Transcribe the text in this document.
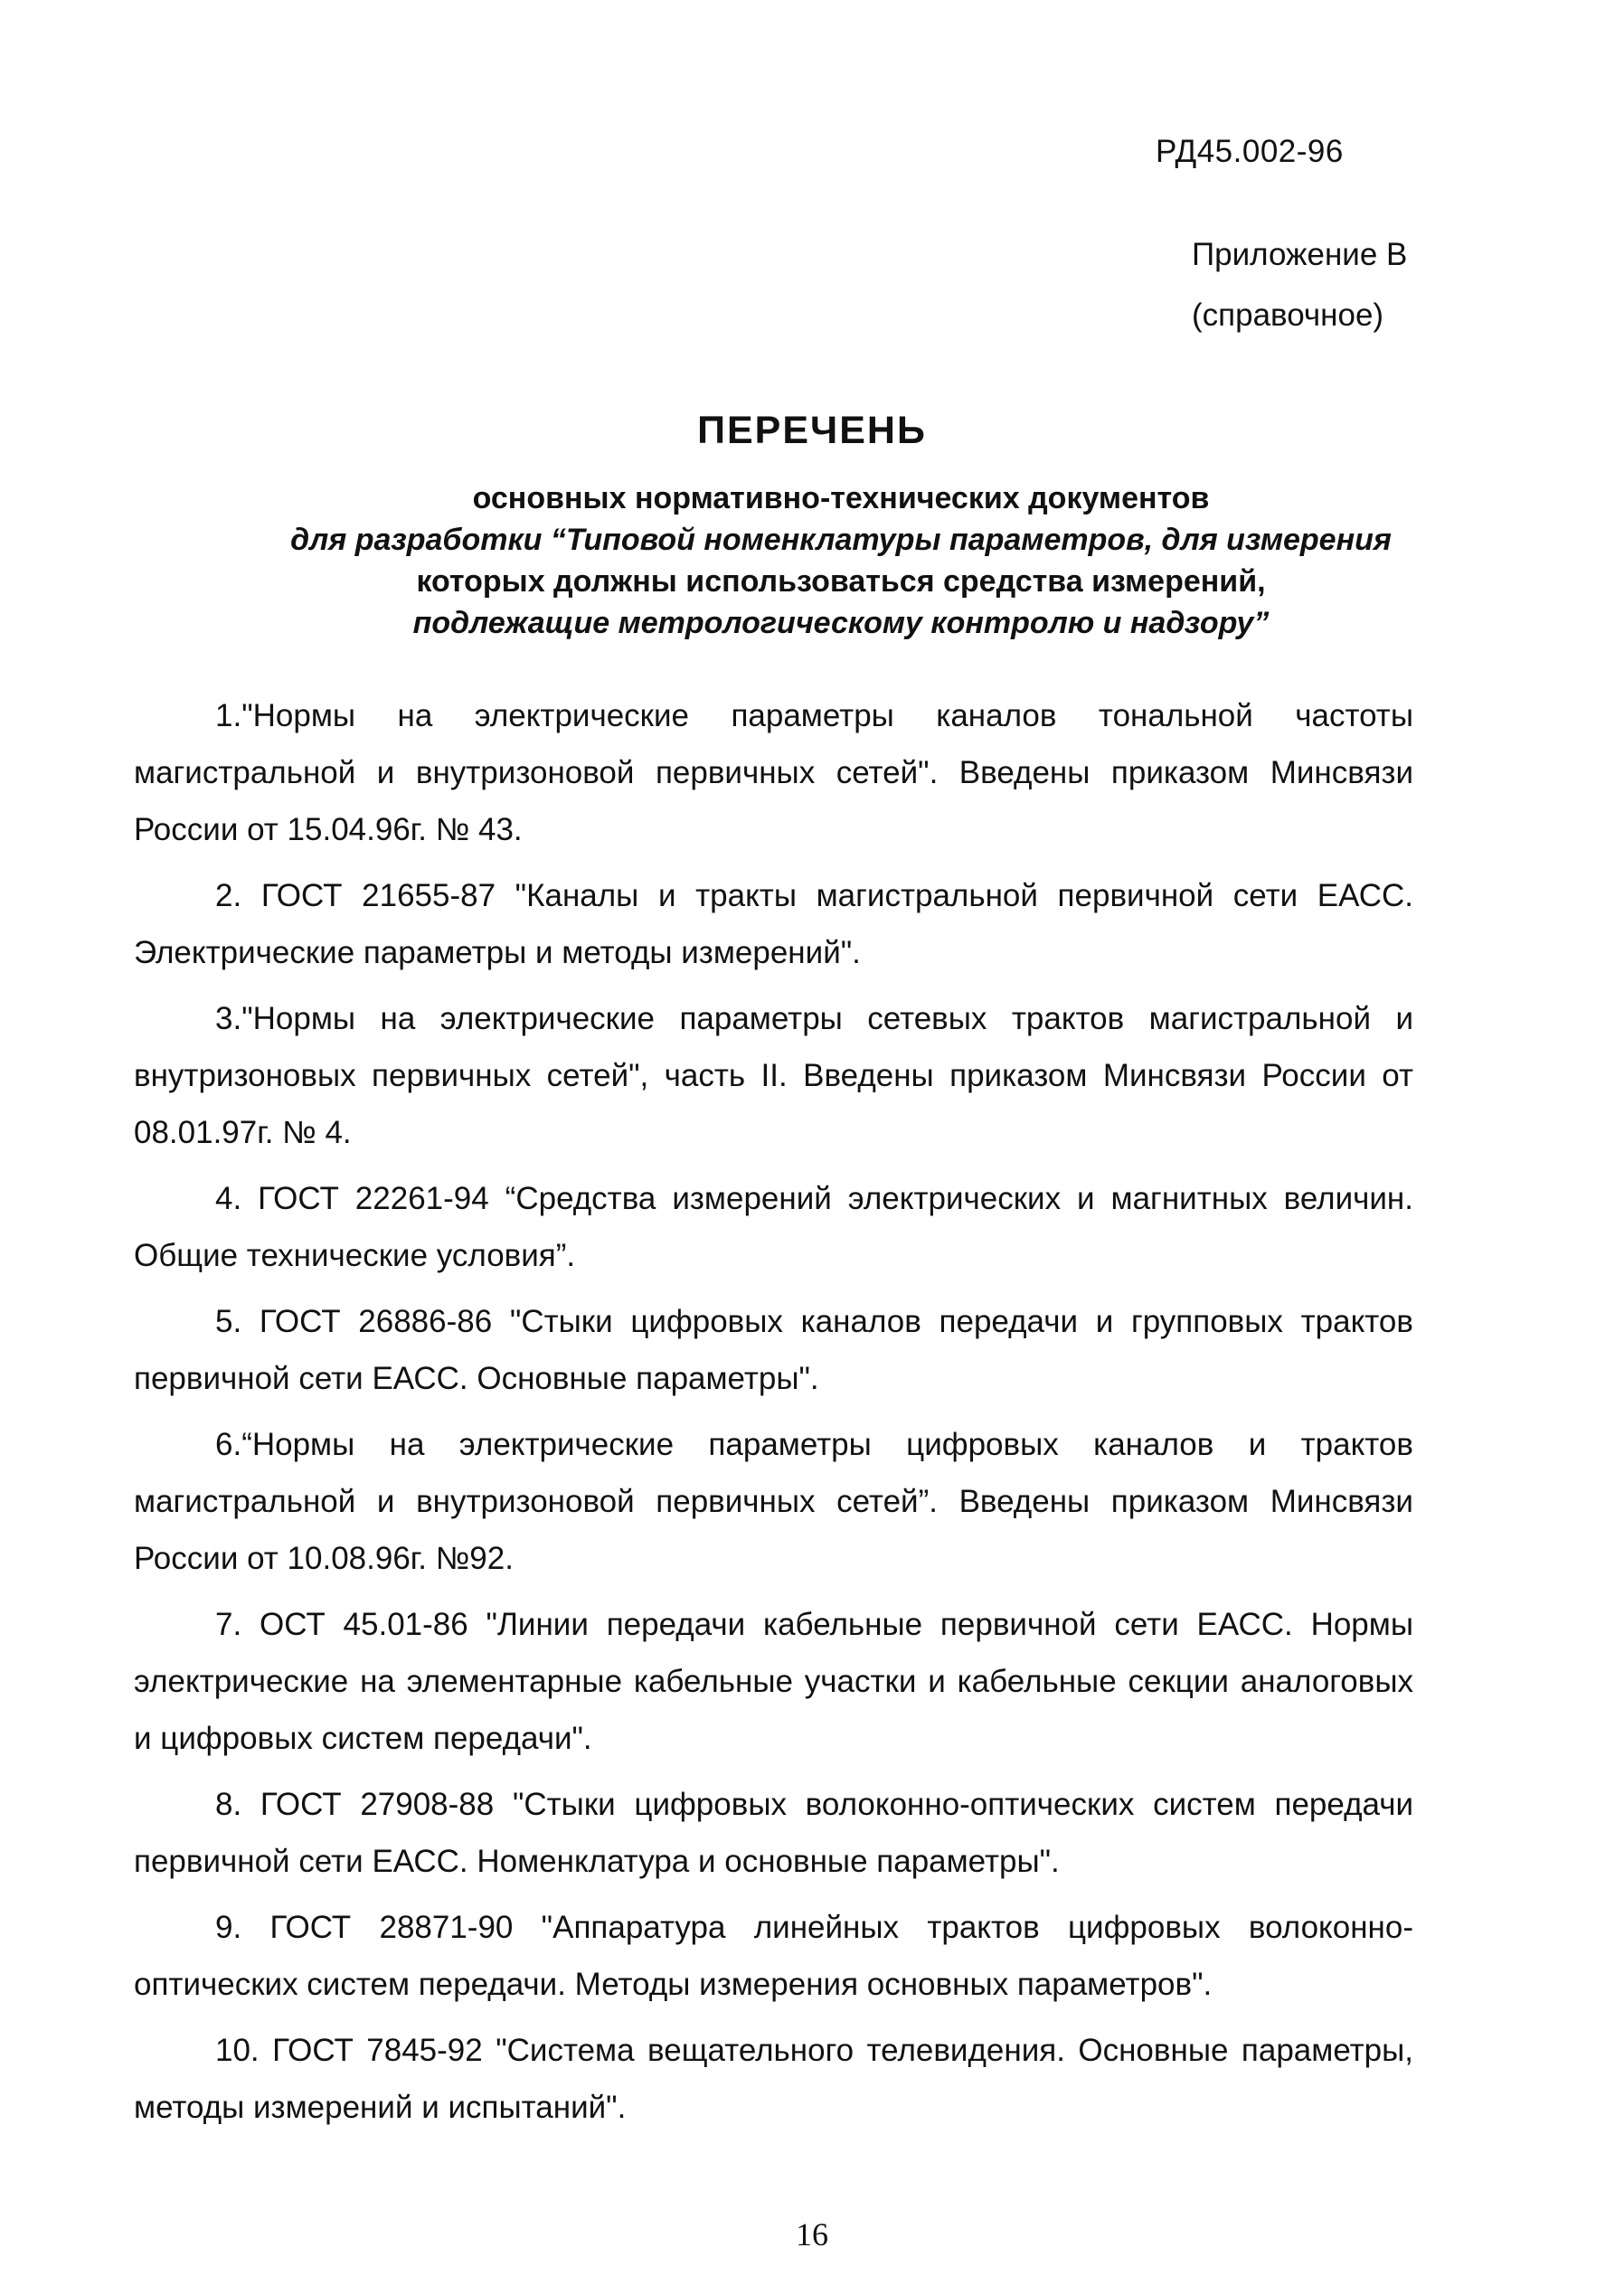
РД45.002-96
Приложение В
(справочное)
ПЕРЕЧЕНЬ
основных нормативно-технических документов
для разработки “Типовой номенклатуры параметров, для измерения
которых должны использоваться средства измерений,
подлежащие метрологическому контролю и надзору”
1."Нормы на электрические параметры каналов тональной частоты магистральной и внутризоновой первичных сетей". Введены приказом Минсвязи России от 15.04.96г. № 43.
2. ГОСТ 21655-87 "Каналы и тракты магистральной первичной сети ЕАСС. Электрические параметры и методы измерений".
3."Нормы на электрические параметры сетевых трактов магистральной и внутризоновых первичных сетей", часть II. Введены приказом Минсвязи России от 08.01.97г. № 4.
4. ГОСТ 22261-94 “Средства измерений электрических и магнитных величин. Общие технические условия”.
5. ГОСТ 26886-86 "Стыки цифровых каналов передачи и групповых трактов первичной сети ЕАСС. Основные параметры".
6.“Нормы на электрические параметры цифровых каналов и трактов магистральной и внутризоновой первичных сетей”. Введены приказом Минсвязи России от 10.08.96г. №92.
7. ОСТ 45.01-86 "Линии передачи кабельные первичной сети ЕАСС. Нормы электрические на элементарные кабельные участки и кабельные секции аналоговых и цифровых систем передачи".
8. ГОСТ 27908-88 "Стыки цифровых волоконно-оптических систем передачи первичной сети ЕАСС. Номенклатура и основные параметры".
9. ГОСТ 28871-90 "Аппаратура линейных трактов цифровых волоконно-оптических систем передачи. Методы измерения основных параметров".
10. ГОСТ 7845-92 "Система вещательного телевидения. Основные параметры, методы измерений и испытаний".
16
